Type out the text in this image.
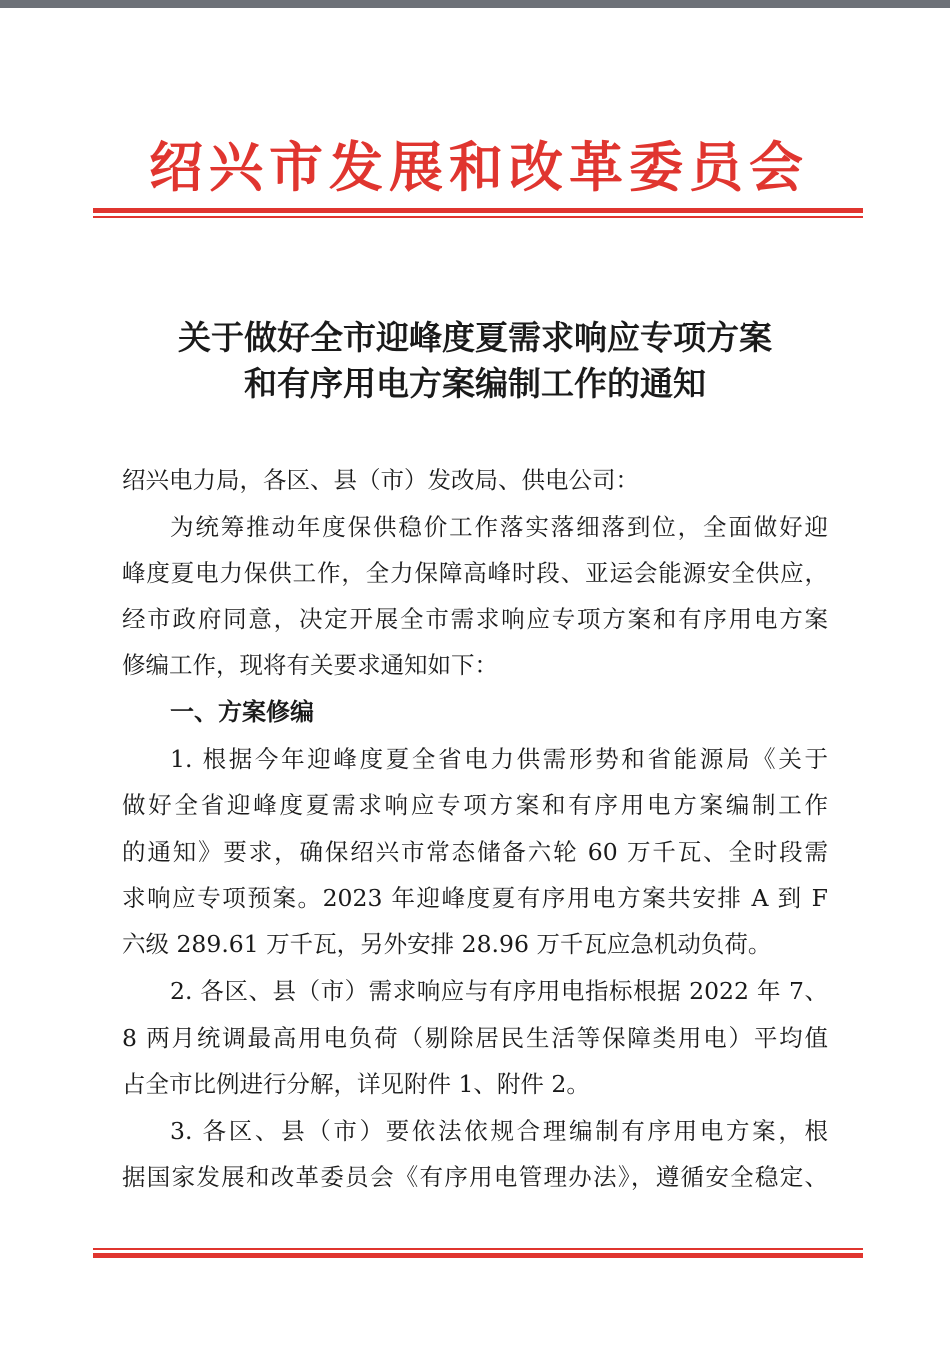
绍兴市发展和改革委员会
关于做好全市迎峰度夏需求响应专项方案
和有序用电方案编制工作的通知
绍兴电力局，各区、县（市）发改局、供电公司：
为统筹推动年度保供稳价工作落实落细落到位，全面做好迎
峰度夏电力保供工作，全力保障高峰时段、亚运会能源安全供应，
经市政府同意，决定开展全市需求响应专项方案和有序用电方案
修编工作，现将有关要求通知如下：
一、方案修编
1. 根据今年迎峰度夏全省电力供需形势和省能源局《关于
做好全省迎峰度夏需求响应专项方案和有序用电方案编制工作
的通知》要求，确保绍兴市常态储备六轮 60 万千瓦、全时段需
求响应专项预案。2023 年迎峰度夏有序用电方案共安排 A 到 F
六级 289.61 万千瓦，另外安排 28.96 万千瓦应急机动负荷。
2. 各区、县（市）需求响应与有序用电指标根据 2022 年 7、
8 两月统调最高用电负荷（剔除居民生活等保障类用电）平均值
占全市比例进行分解，详见附件 1、附件 2。
3. 各区、县（市）要依法依规合理编制有序用电方案，根
据国家发展和改革委员会《有序用电管理办法》，遵循安全稳定、
